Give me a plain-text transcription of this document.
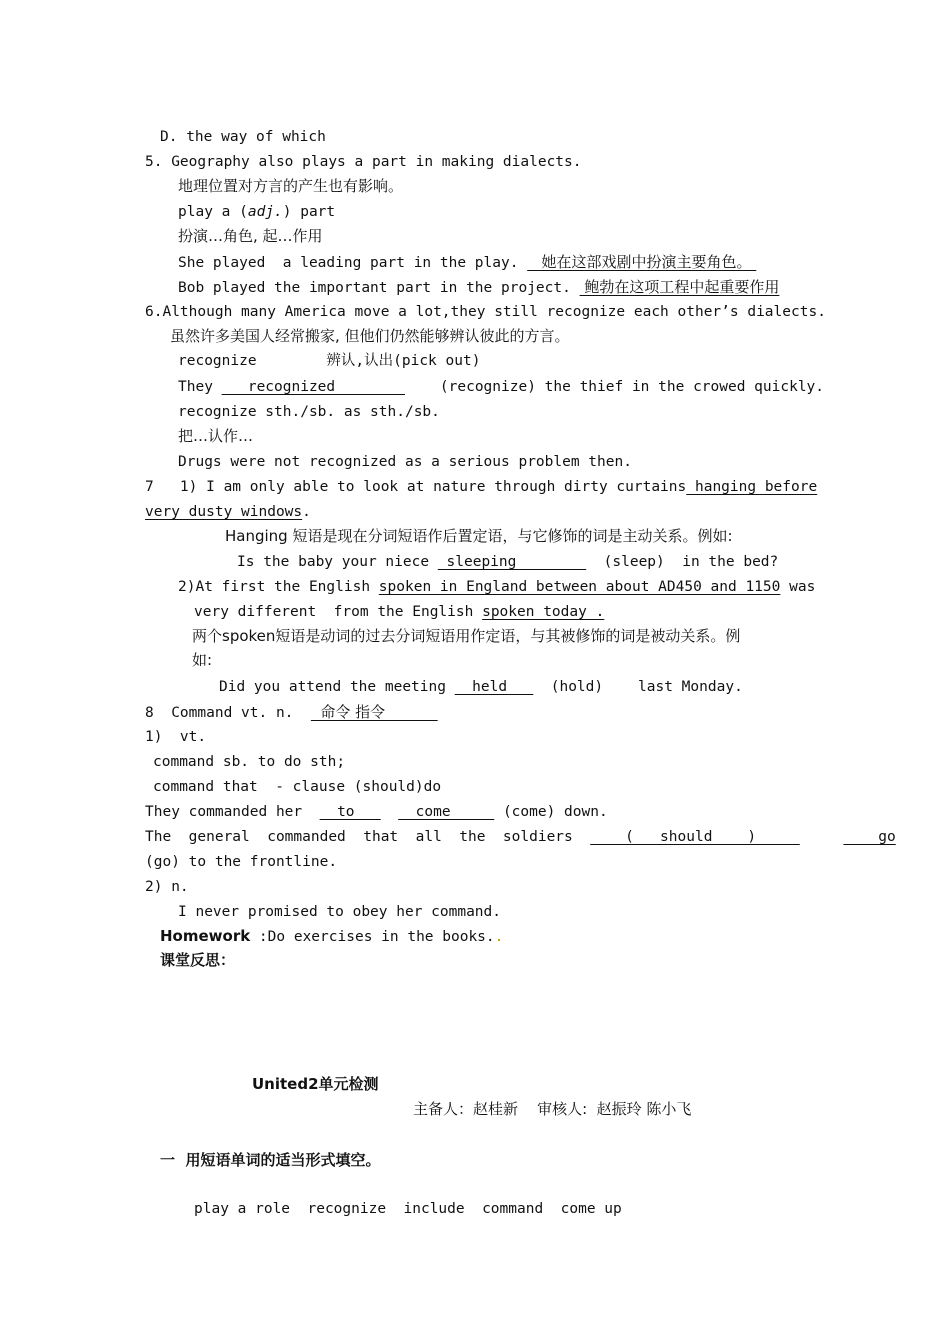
D. the way of which
5. Geography also plays a part in making dialects.
地理位置对方言的产生也有影响。
play a (adj.) part
扮演…角色, 起…作用
She played  a leading part in the play.    她在这部戏剧中扮演主要角色。
Bob played the important part in the project.  鲍勃在这项工程中起重要作用
6.Although many America move a lot,they still recognize each other’s dialects.
虽然许多美国人经常搬家, 但他们仍然能够辨认彼此的方言。
recognize        辨认,认出(pick out)
They    recognized            (recognize) the thief in the crowed quickly.
recognize sth./sb. as sth./sb.
把…认作…
Drugs were not recognized as a serious problem then.
7   1) I am only able to look at nature through dirty curtains hanging before
very dusty windows.
Hanging 短语是现在分词短语作后置定语，与它修饰的词是主动关系。例如:
Is the baby your niece  sleeping          (sleep)  in the bed?
2)At first the English spoken in England between about AD450 and 1150 was
very different  from the English spoken today .
两个spoken短语是动词的过去分词短语用作定语，与其被修饰的词是被动关系。例
如:
Did you attend the meeting   held     (hold)    last Monday.
8  Command vt. n.    命令 指令
1)  vt.
command sb. to do sth;
command that  - clause (should)do
They commanded her    to       come      (come) down.
The  general  commanded  that  all  the  soldiers      (   should    )	go
(go) to the frontline.
2) n.
I never promised to obey her command.
Homework :Do exercises in the books..
课堂反思：
United2单元检测
主备人：赵桂新    审核人:  赵振玲 陈小飞
一  用短语单词的适当形式填空。
play a role  recognize  include  command  come up
